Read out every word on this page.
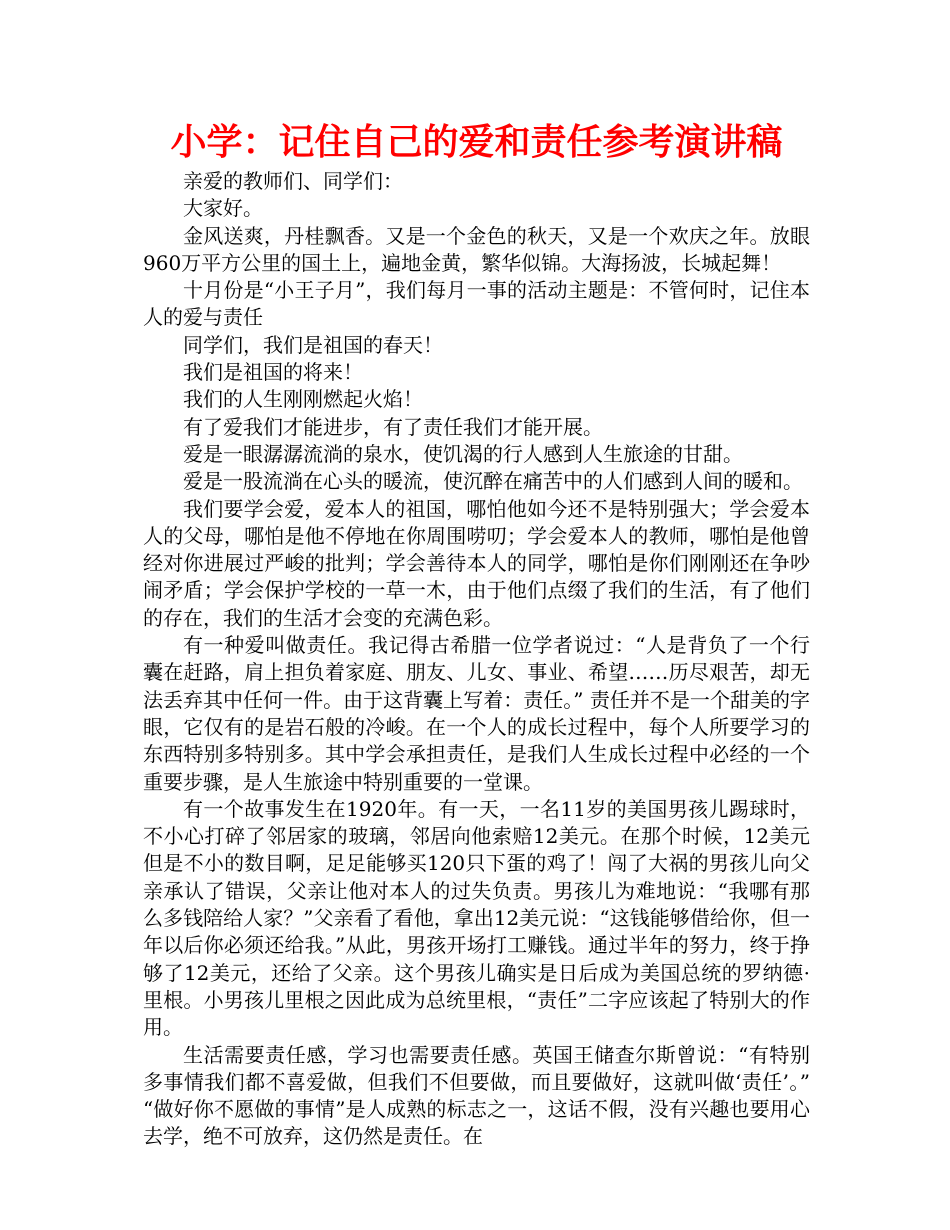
小学：记住自己的爱和责任参考演讲稿

亲爱的教师们、同学们：

大家好。

金风送爽，丹桂飘香。又是一个金色的秋天，又是一个欢庆之年。放眼960万平方公里的国土上，遍地金黄，繁华似锦。大海扬波，长城起舞！

十月份是“小王子月”，我们每月一事的活动主题是：不管何时，记住本人的爱与责任

同学们，我们是祖国的春天！

我们是祖国的将来！

我们的人生刚刚燃起火焰！

有了爱我们才能进步，有了责任我们才能开展。

爱是一眼潺潺流淌的泉水，使饥渴的行人感到人生旅途的甘甜。

爱是一股流淌在心头的暖流，使沉醉在痛苦中的人们感到人间的暖和。

我们要学会爱，爱本人的祖国，哪怕他如今还不是特别强大；学会爱本人的父母，哪怕是他不停地在你周围唠叨；学会爱本人的教师，哪怕是他曾经对你进展过严峻的批判；学会善待本人的同学，哪怕是你们刚刚还在争吵闹矛盾；学会保护学校的一草一木，由于他们点缀了我们的生活，有了他们的存在，我们的生活才会变的充满色彩。

有一种爱叫做责任。我记得古希腊一位学者说过：“人是背负了一个行囊在赶路，肩上担负着家庭、朋友、儿女、事业、希望……历尽艰苦，却无法丢弃其中任何一件。由于这背囊上写着：责任。” 责任并不是一个甜美的字眼，它仅有的是岩石般的冷峻。在一个人的成长过程中，每个人所要学习的东西特别多特别多。其中学会承担责任，是我们人生成长过程中必经的一个重要步骤，是人生旅途中特别重要的一堂课。

有一个故事发生在1920年。有一天，一名11岁的美国男孩儿踢球时，不小心打碎了邻居家的玻璃，邻居向他索赔12美元。在那个时候，12美元但是不小的数目啊，足足能够买120只下蛋的鸡了！闯了大祸的男孩儿向父亲承认了错误，父亲让他对本人的过失负责。男孩儿为难地说：“我哪有那么多钱陪给人家？”父亲看了看他，拿出12美元说：“这钱能够借给你，但一年以后你必须还给我。”从此，男孩开场打工赚钱。通过半年的努力，终于挣够了12美元，还给了父亲。这个男孩儿确实是日后成为美国总统的罗纳德·里根。小男孩儿里根之因此成为总统里根，“责任”二字应该起了特别大的作用。

生活需要责任感，学习也需要责任感。英国王储查尔斯曾说：“有特别多事情我们都不喜爱做，但我们不但要做，而且要做好，这就叫做‘责任’。” “做好你不愿做的事情”是人成熟的标志之一，这话不假，没有兴趣也要用心去学，绝不可放弃，这仍然是责任。在
